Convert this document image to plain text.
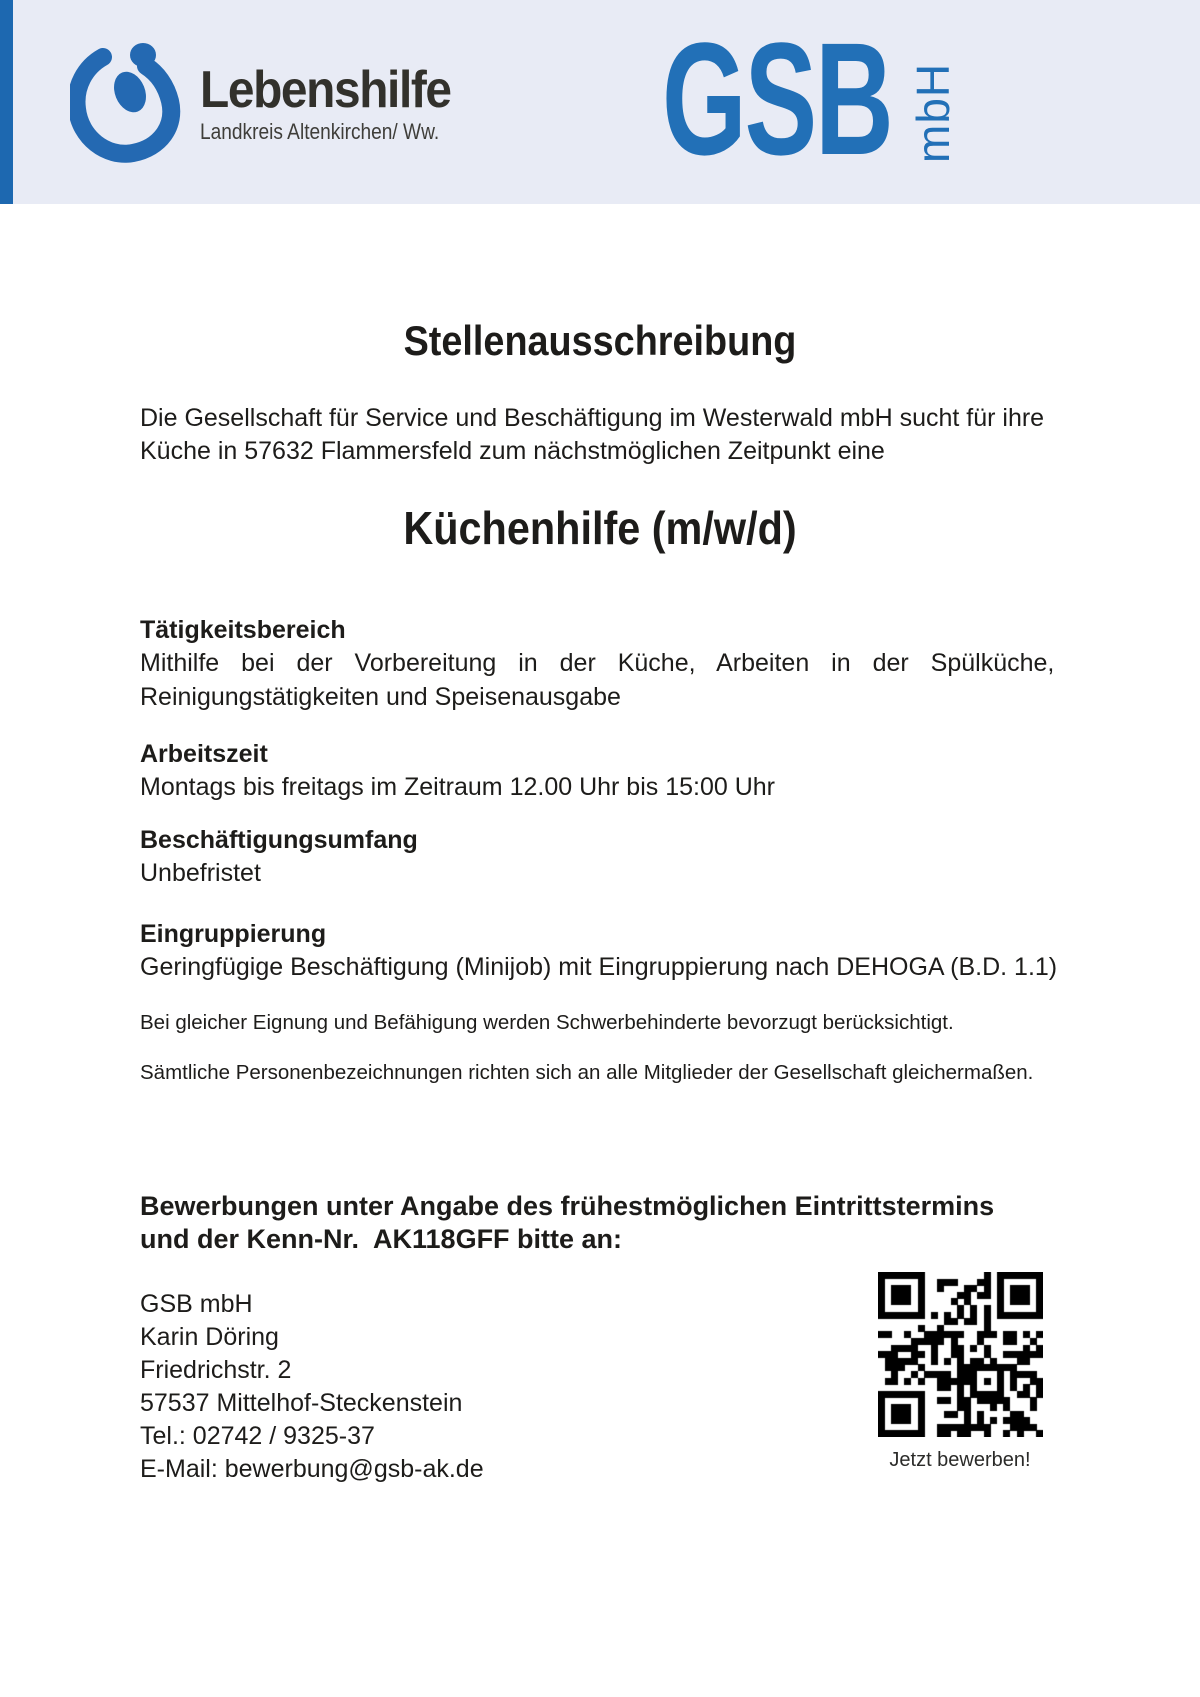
Lebenshilfe
Landkreis Altenkirchen/ Ww. GSB mbH
Stellenausschreibung
Die Gesellschaft für Service und Beschäftigung im Westerwald mbH sucht für ihre
Küche in 57632 Flammersfeld zum nächstmöglichen Zeitpunkt eine
Küchenhilfe (m/w/d)
Tätigkeitsbereich
Mithilfe bei der Vorbereitung in der Küche, Arbeiten in der Spülküche,
Reinigungstätigkeiten und Speisenausgabe
Arbeitszeit
Montags bis freitags im Zeitraum 12.00 Uhr bis 15:00 Uhr
Beschäftigungsumfang
Unbefristet
Eingruppierung
Geringfügige Beschäftigung (Minijob) mit Eingruppierung nach DEHOGA (B.D. 1.1)
Bei gleicher Eignung und Befähigung werden Schwerbehinderte bevorzugt berücksichtigt.
Sämtliche Personenbezeichnungen richten sich an alle Mitglieder der Gesellschaft gleichermaßen.
Bewerbungen unter Angabe des frühestmöglichen Eintrittstermins
und der Kenn-Nr.  AK118GFF bitte an:
GSB mbH
Karin Döring
Friedrichstr. 2
57537 Mittelhof-Steckenstein
Tel.: 02742 / 9325-37
E-Mail: bewerbung@gsb-ak.de	Jetzt bewerben!
